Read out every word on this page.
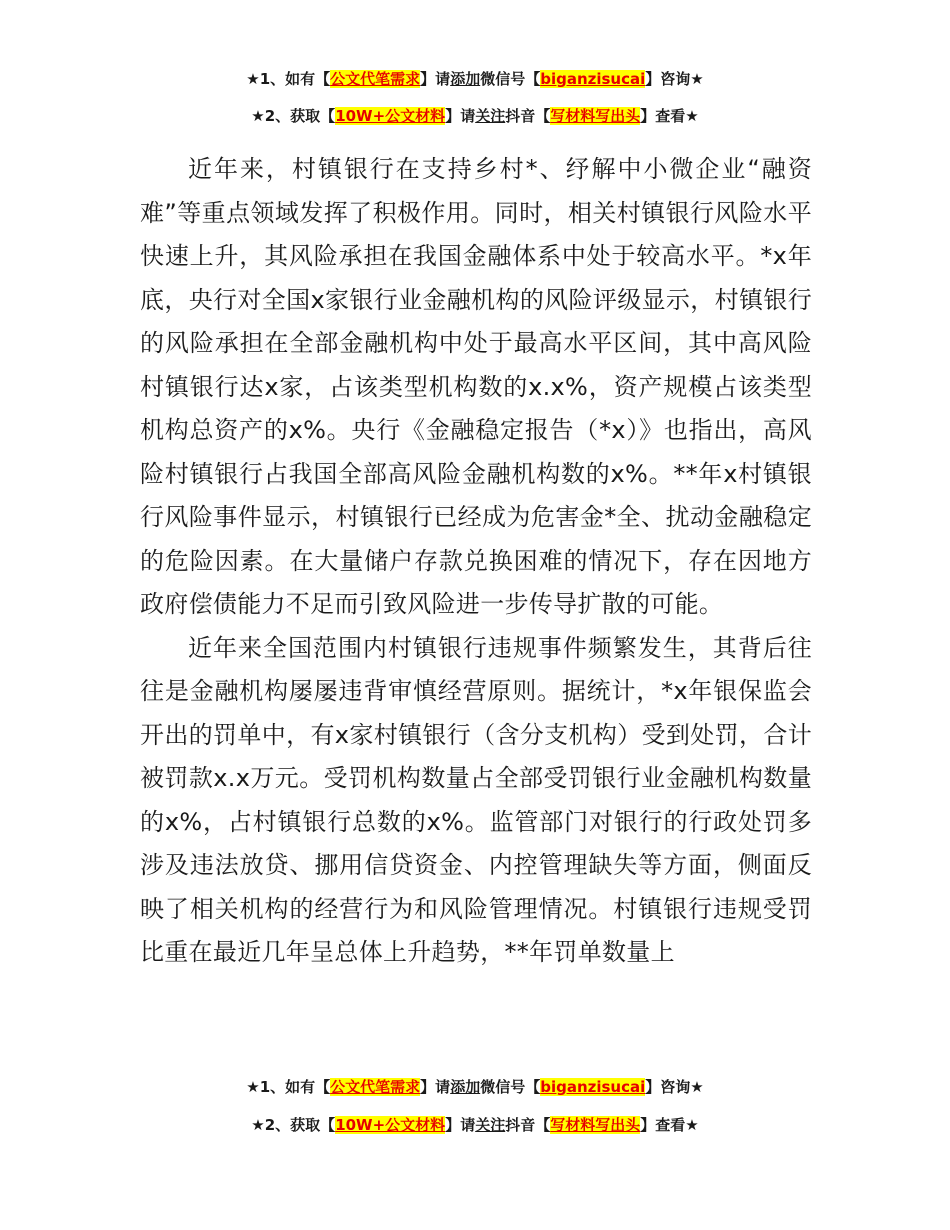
★1、如有【公文代笔需求】请添加微信号【biganzisucai】咨询★
★2、获取【10W+公文材料】请关注抖音【写材料写出头】查看★

近年来，村镇银行在支持乡村*、纾解中小微企业“融资难”等重点领域发挥了积极作用。同时，相关村镇银行风险水平快速上升，其风险承担在我国金融体系中处于较高水平。*x年底，央行对全国x家银行业金融机构的风险评级显示，村镇银行的风险承担在全部金融机构中处于最高水平区间，其中高风险村镇银行达x家，占该类型机构数的x.x%，资产规模占该类型机构总资产的x%。央行《金融稳定报告（*x）》也指出，高风险村镇银行占我国全部高风险金融机构数的x%。**年x村镇银行风险事件显示，村镇银行已经成为危害金*全、扰动金融稳定的危险因素。在大量储户存款兑换困难的情况下，存在因地方政府偿债能力不足而引致风险进一步传导扩散的可能。

近年来全国范围内村镇银行违规事件频繁发生，其背后往往是金融机构屡屡违背审慎经营原则。据统计，*x年银保监会开出的罚单中，有x家村镇银行（含分支机构）受到处罚，合计被罚款x.x万元。受罚机构数量占全部受罚银行业金融机构数量的x%，占村镇银行总数的x%。监管部门对银行的行政处罚多涉及违法放贷、挪用信贷资金、内控管理缺失等方面，侧面反映了相关机构的经营行为和风险管理情况。村镇银行违规受罚比重在最近几年呈总体上升趋势，**年罚单数量上

★1、如有【公文代笔需求】请添加微信号【biganzisucai】咨询★
★2、获取【10W+公文材料】请关注抖音【写材料写出头】查看★
